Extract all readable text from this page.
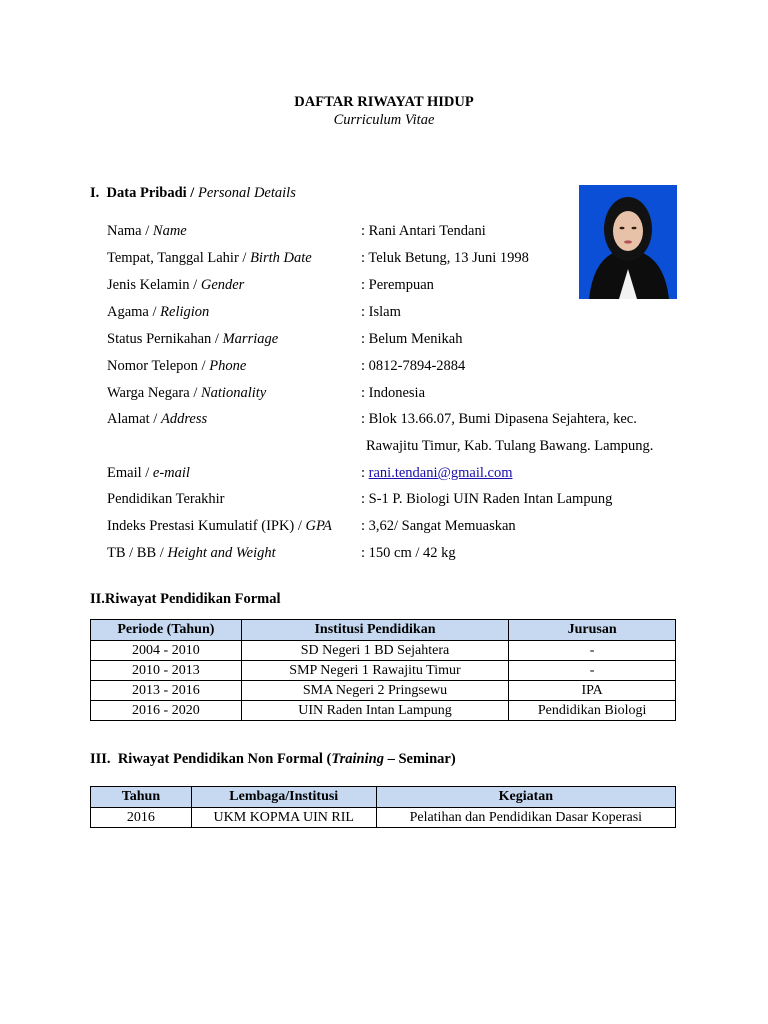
DAFTAR RIWAYAT HIDUP
Curriculum Vitae
I. Data Pribadi / Personal Details
Nama / Name	: Rani Antari Tendani
Tempat, Tanggal Lahir / Birth Date	: Teluk Betung, 13 Juni 1998
Jenis Kelamin / Gender	: Perempuan
Agama / Religion	: Islam
Status Pernikahan / Marriage	: Belum Menikah
Nomor Telepon / Phone	: 0812-7894-2884
Warga Negara / Nationality	: Indonesia
Alamat / Address	: Blok 13.66.07, Bumi Dipasena Sejahtera, kec.
Rawajitu Timur, Kab. Tulang Bawang. Lampung.
Email / e-mail	: rani.tendani@gmail.com
Pendidikan Terakhir	: S-1 P. Biologi UIN Raden Intan Lampung
Indeks Prestasi Kumulatif (IPK) / GPA : 3,62/ Sangat Memuaskan
TB / BB / Height and Weight	: 150 cm / 42 kg
II.Riwayat Pendidikan Formal
Periode (Tahun)	Institusi Pendidikan	Jurusan
2004 - 2010	SD Negeri 1 BD Sejahtera	-
2010 - 2013	SMP Negeri 1 Rawajitu Timur	-
2013 - 2016	SMA Negeri 2 Pringsewu	IPA
2016 - 2020	UIN Raden Intan Lampung	Pendidikan Biologi
III. Riwayat Pendidikan Non Formal (Training – Seminar)
Tahun	Lembaga/Institusi	Kegiatan
2016	UKM KOPMA UIN RIL	Pelatihan dan Pendidikan Dasar Koperasi
